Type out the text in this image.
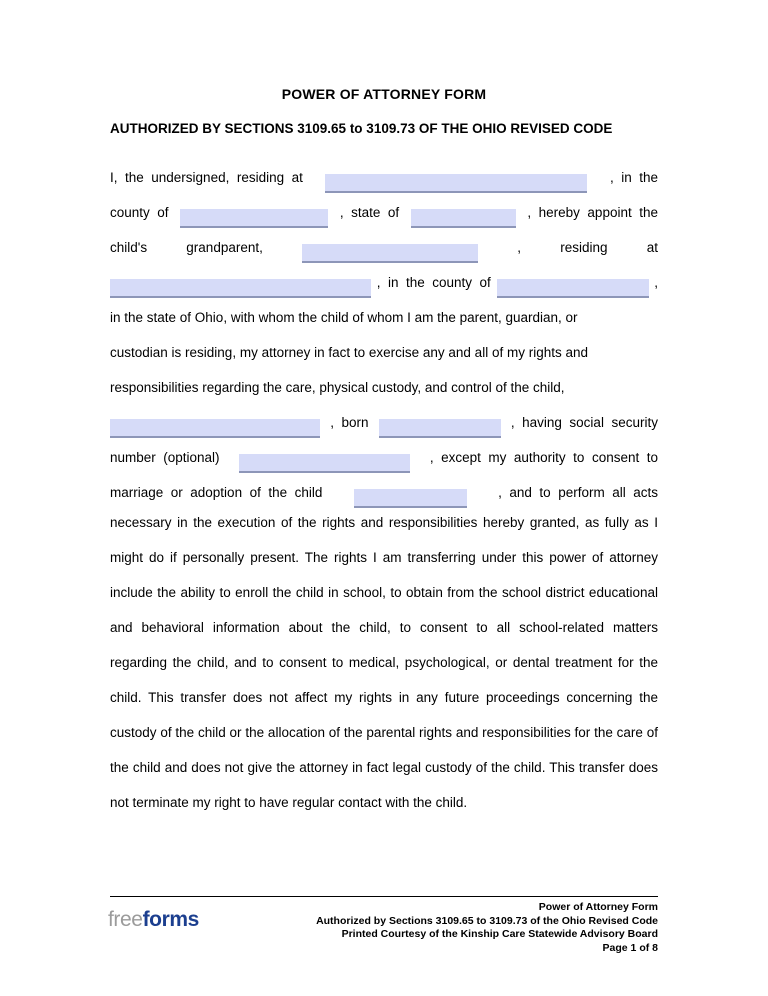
POWER OF ATTORNEY FORM
AUTHORIZED BY SECTIONS 3109.65 to 3109.73 OF THE OHIO REVISED CODE
I,  the  undersigned,  residing  at	,  in  the
county  of	,  state  of	,  hereby  appoint  the
child's	grandparent,	,	residing	at
,  in  the  county  of	,
in the state of Ohio, with whom the child of whom I am the parent, guardian, or
custodian is residing, my attorney in fact to exercise any and all of my rights and
responsibilities regarding the care, physical custody, and control of the child,
,  born	,  having  social  security
number  (optional)	,  except  my  authority  to  consent  to
marriage  or  adoption  of  the  child	,  and  to  perform  all  acts
necessary in the execution of the rights and responsibilities hereby granted, as fully as I might do if personally present. The rights I am transferring under this power of attorney include the ability to enroll the child in school, to obtain from the school district educational and behavioral information about the child, to consent to all school-related matters regarding the child, and to consent to medical, psychological, or dental treatment for the child. This transfer does not affect my rights in any future proceedings concerning the custody of the child or the allocation of the parental rights and responsibilities for the care of the child and does not give the attorney in fact legal custody of the child. This transfer does not terminate my right to have regular contact with the child.
freeforms
Power of Attorney Form
Authorized by Sections 3109.65 to 3109.73 of the Ohio Revised Code
Printed Courtesy of the Kinship Care Statewide Advisory Board
Page 1 of 8
